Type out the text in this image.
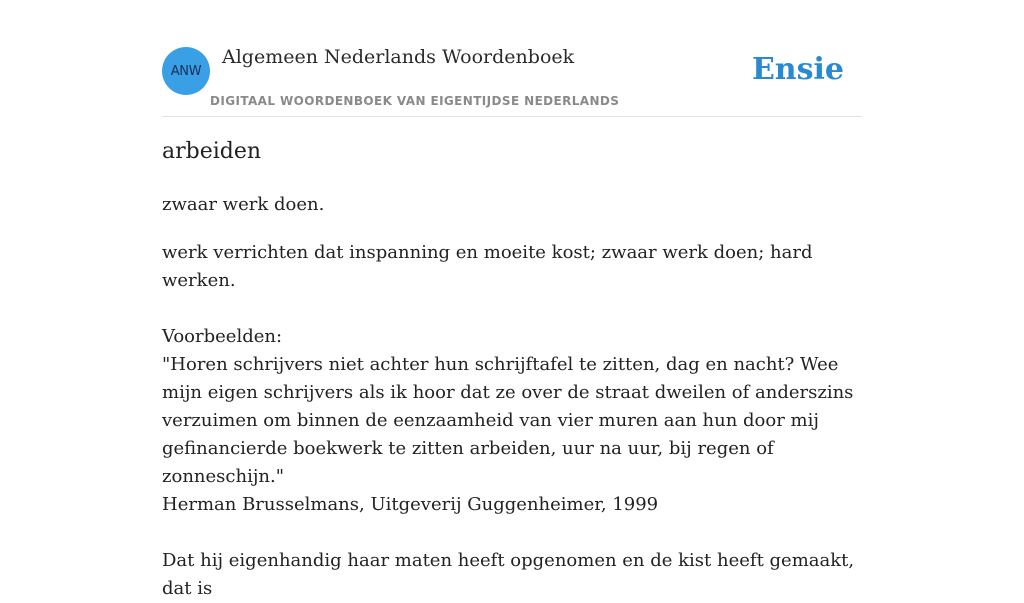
ANW
Algemeen Nederlands Woordenboek
DIGITAAL WOORDENBOEK VAN EIGENTIJDSE NEDERLANDS
Ensie
arbeiden
zwaar werk doen.

werk verrichten dat inspanning en moeite kost; zwaar werk doen; hard werken.

Voorbeelden:

"Horen schrijvers niet achter hun schrijftafel te zitten, dag en nacht? Wee mijn eigen schrijvers als ik hoor dat ze over de straat dweilen of anderszins verzuimen om binnen de eenzaamheid van vier muren aan hun door mij gefinancierde boekwerk te zitten arbeiden, uur na uur, bij regen of zonneschijn."

Herman Brusselmans, Uitgeverij Guggenheimer, 1999

Dat hij eigenhandig haar maten heeft opgenomen en de kist heeft gemaakt, dat is
